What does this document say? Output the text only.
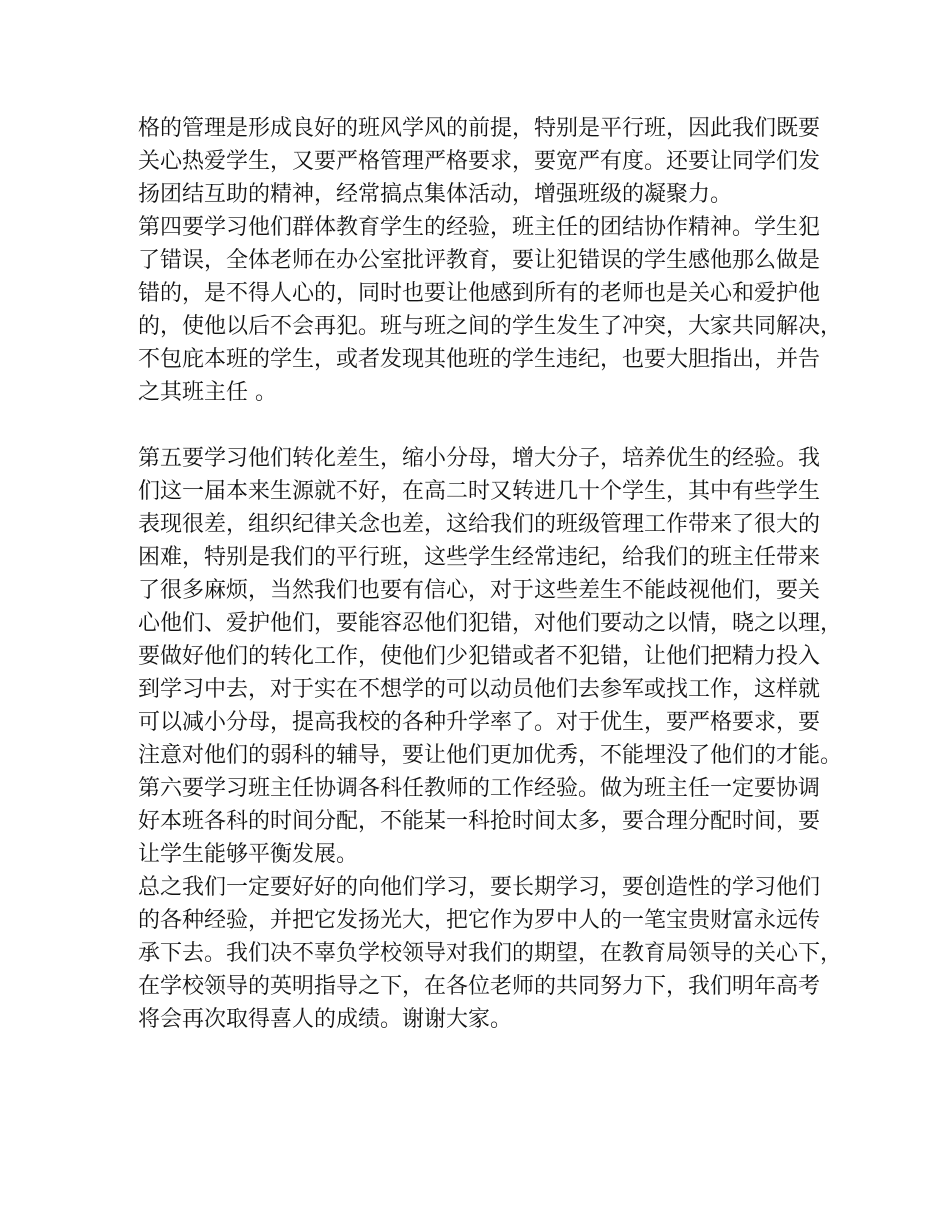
格的管理是形成良好的班风学风的前提，特别是平行班，因此我们既要
关心热爱学生，又要严格管理严格要求，要宽严有度。还要让同学们发
扬团结互助的精神，经常搞点集体活动，增强班级的凝聚力。
第四要学习他们群体教育学生的经验，班主任的团结协作精神。学生犯
了错误，全体老师在办公室批评教育，要让犯错误的学生感他那么做是
错的，是不得人心的，同时也要让他感到所有的老师也是关心和爱护他
的，使他以后不会再犯。班与班之间的学生发生了冲突，大家共同解决，
不包庇本班的学生，或者发现其他班的学生违纪，也要大胆指出，并告
之其班主任 。
第五要学习他们转化差生，缩小分母，增大分子，培养优生的经验。我
们这一届本来生源就不好，在高二时又转进几十个学生，其中有些学生
表现很差，组织纪律关念也差，这给我们的班级管理工作带来了很大的
困难，特别是我们的平行班，这些学生经常违纪，给我们的班主任带来
了很多麻烦，当然我们也要有信心，对于这些差生不能歧视他们，要关
心他们、爱护他们，要能容忍他们犯错，对他们要动之以情，晓之以理，
要做好他们的转化工作，使他们少犯错或者不犯错，让他们把精力投入
到学习中去，对于实在不想学的可以动员他们去参军或找工作，这样就
可以减小分母，提高我校的各种升学率了。对于优生，要严格要求，要
注意对他们的弱科的辅导，要让他们更加优秀，不能埋没了他们的才能。
第六要学习班主任协调各科任教师的工作经验。做为班主任一定要协调
好本班各科的时间分配，不能某一科抢时间太多，要合理分配时间，要
让学生能够平衡发展。
总之我们一定要好好的向他们学习，要长期学习，要创造性的学习他们
的各种经验，并把它发扬光大，把它作为罗中人的一笔宝贵财富永远传
承下去。我们决不辜负学校领导对我们的期望，在教育局领导的关心下，
在学校领导的英明指导之下，在各位老师的共同努力下，我们明年高考
将会再次取得喜人的成绩。谢谢大家。
